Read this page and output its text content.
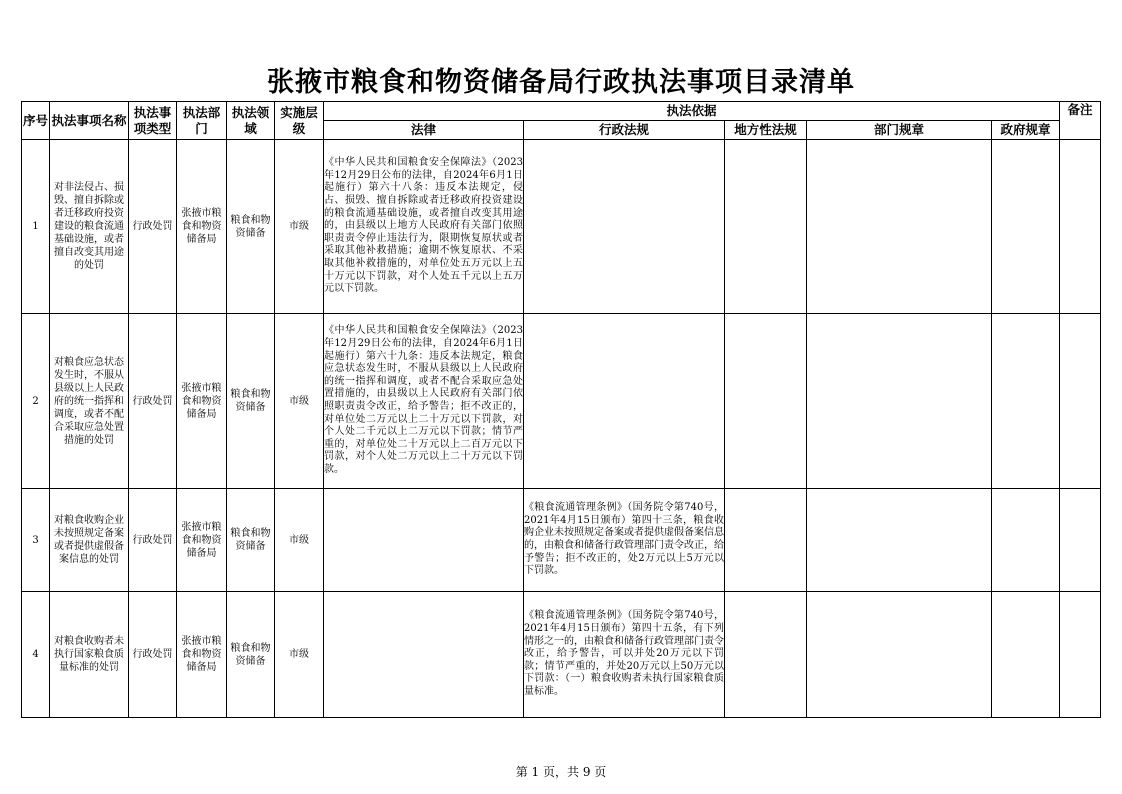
张掖市粮食和物资储备局行政执法事项目录清单
序号	执法事项名称	执法事项类型	执法部门	执法领域	实施层级	执法依据					备注
						法律	行政法规	地方性法规	部门规章	政府规章	
1	对非法侵占、损毁、擅自拆除或者迁移政府投资建设的粮食流通基础设施，或者擅自改变其用途的处罚	行政处罚	张掖市粮食和物资储备局	粮食和物资储备	市级	《中华人民共和国粮食安全保障法》（2023年12月29日公布的法律，自2024年6月1日起施行）第六十八条：违反本法规定，侵占、损毁、擅自拆除或者迁移政府投资建设的粮食流通基础设施，或者擅自改变其用途的，由县级以上地方人民政府有关部门依照职责责令停止违法行为，限期恢复原状或者采取其他补救措施；逾期不恢复原状、不采取其他补救措施的，对单位处五万元以上五十万元以下罚款，对个人处五千元以上五万元以下罚款。					
2	对粮食应急状态发生时，不服从县级以上人民政府的统一指挥和调度，或者不配合采取应急处置措施的处罚	行政处罚	张掖市粮食和物资储备局	粮食和物资储备	市级	《中华人民共和国粮食安全保障法》（2023年12月29日公布的法律，自2024年6月1日起施行）第六十九条：违反本法规定，粮食应急状态发生时，不服从县级以上人民政府的统一指挥和调度，或者不配合采取应急处置措施的，由县级以上人民政府有关部门依照职责责令改正，给予警告；拒不改正的，对单位处二万元以上二十万元以下罚款，对个人处二千元以上二万元以下罚款；情节严重的，对单位处二十万元以上二百万元以下罚款，对个人处二万元以上二十万元以下罚款。					
3	对粮食收购企业未按照规定备案或者提供虚假备案信息的处罚	行政处罚	张掖市粮食和物资储备局	粮食和物资储备	市级		《粮食流通管理条例》（国务院令第740号，2021年4月15日颁布）第四十三条，粮食收购企业未按照规定备案或者提供虚假备案信息的，由粮食和储备行政管理部门责令改正，给予警告；拒不改正的，处2万元以上5万元以下罚款。				
4	对粮食收购者未执行国家粮食质量标准的处罚	行政处罚	张掖市粮食和物资储备局	粮食和物资储备	市级		《粮食流通管理条例》（国务院令第740号，2021年4月15日颁布）第四十五条，有下列情形之一的，由粮食和储备行政管理部门责令改正，给予警告，可以并处20万元以下罚款；情节严重的，并处20万元以上50万元以下罚款：（一）粮食收购者未执行国家粮食质量标准。				
第 1 页，共 9 页
